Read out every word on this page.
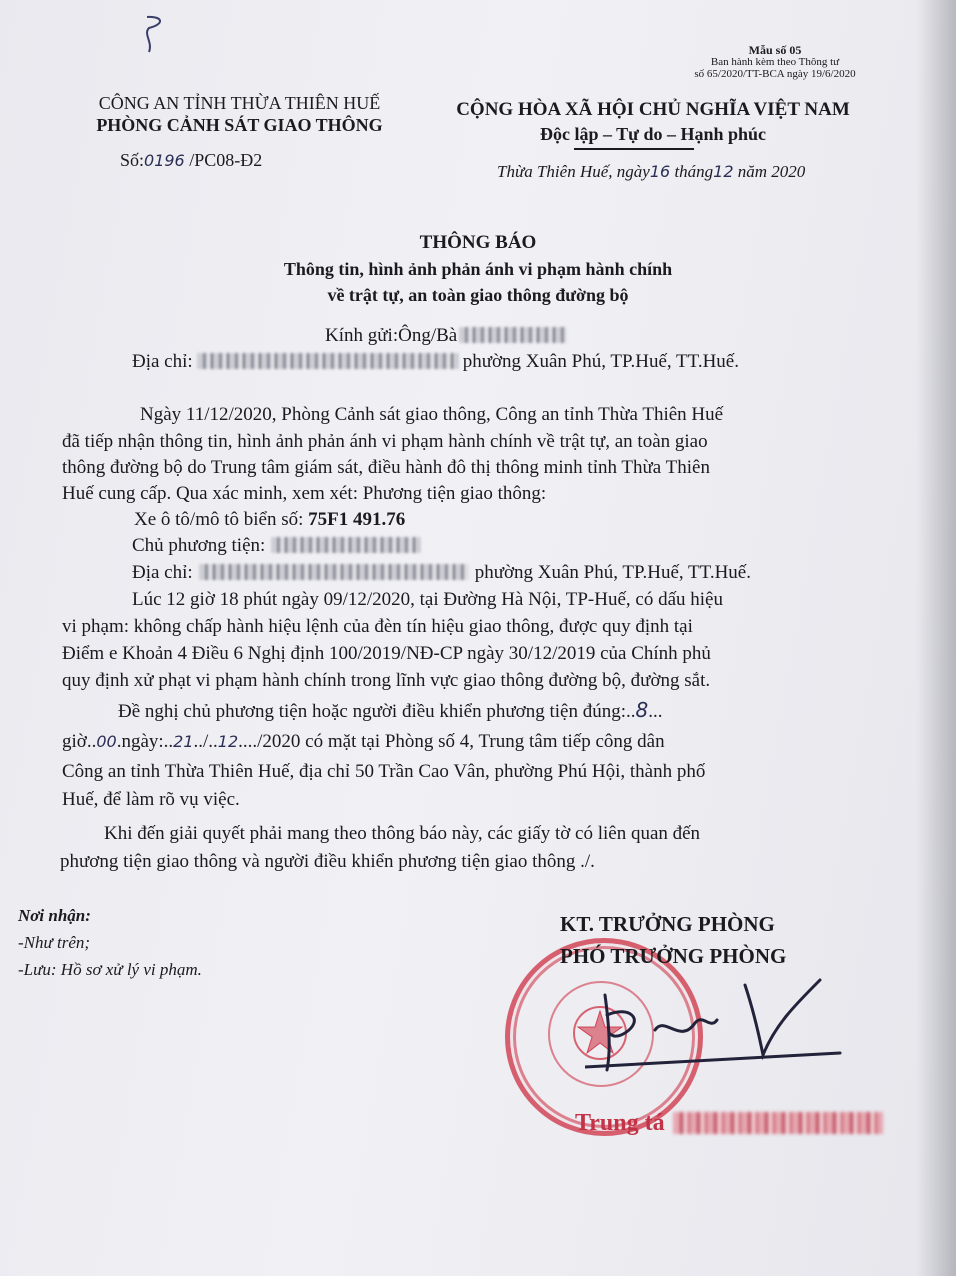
Mẫu số 05
Ban hành kèm theo Thông tư
số 65/2020/TT-BCA ngày 19/6/2020
CÔNG AN TỈNH THỪA THIÊN HUẾ
PHÒNG CẢNH SÁT GIAO THÔNG
CỘNG HÒA XÃ HỘI CHỦ NGHĨA VIỆT NAM
Độc lập – Tự do – Hạnh phúc
Số:0196 /PC08-Đ2
Thừa Thiên Huế, ngày16 tháng12 năm 2020
THÔNG BÁO
Thông tin, hình ảnh phản ánh vi phạm hành chính
về trật tự, an toàn giao thông đường bộ
Kính gửi:Ông/Bà
Địa chỉ:	phường Xuân Phú, TP.Huế, TT.Huế.
Ngày 11/12/2020, Phòng Cảnh sát giao thông, Công an tỉnh Thừa Thiên Huế
đã tiếp nhận thông tin, hình ảnh phản ánh vi phạm hành chính về trật tự, an toàn giao
thông đường bộ do Trung tâm giám sát, điều hành đô thị thông minh tỉnh Thừa Thiên
Huế cung cấp. Qua xác minh, xem xét: Phương tiện giao thông:
Xe ô tô/mô tô biển số: 75F1 491.76
Chủ phương tiện:
Địa chỉ:	phường Xuân Phú, TP.Huế, TT.Huế.
Lúc 12 giờ 18 phút ngày 09/12/2020, tại Đường Hà Nội, TP-Huế, có dấu hiệu
vi phạm: không chấp hành hiệu lệnh của đèn tín hiệu giao thông, được quy định tại
Điểm e Khoản 4 Điều 6 Nghị định 100/2019/NĐ-CP ngày 30/12/2019 của Chính phủ
quy định xử phạt vi phạm hành chính trong lĩnh vực giao thông đường bộ, đường sắt.
Đề nghị chủ phương tiện hoặc người điều khiển phương tiện đúng:..8...
giờ..00.ngày:..21../..12..../2020 có mặt tại Phòng số 4, Trung tâm tiếp công dân
Công an tỉnh Thừa Thiên Huế, địa chỉ 50 Trần Cao Vân, phường Phú Hội, thành phố
Huế, để làm rõ vụ việc.
Khi đến giải quyết phải mang theo thông báo này, các giấy tờ có liên quan đến
phương tiện giao thông và người điều khiển phương tiện giao thông ./.
Nơi nhận:
-Như trên;
-Lưu: Hồ sơ xử lý vi phạm.
KT. TRƯỞNG PHÒNG
PHÓ TRƯỞNG PHÒNG
Trung tá
